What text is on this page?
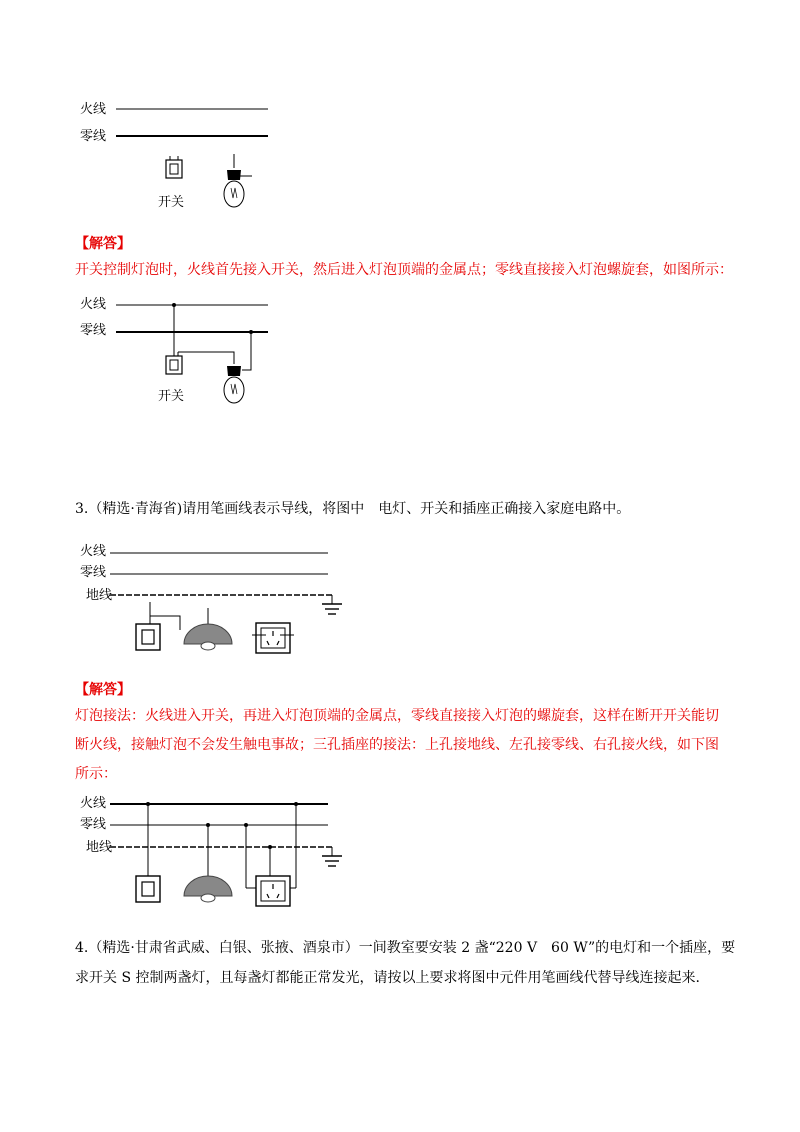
火线
零线
开关
【解答】
开关控制灯泡时，火线首先接入开关，然后进入灯泡顶端的金属点；零线直接接入灯泡螺旋套，如图所示：
火线
零线
开关
3.（精选·青海省)请用笔画线表示导线，将图中　电灯、开关和插座正确接入家庭电路中。
火线
零线
地线
【解答】
灯泡接法：火线进入开关，再进入灯泡顶端的金属点，零线直接接入灯泡的螺旋套，这样在断开开关能切
断火线，接触灯泡不会发生触电事故；三孔插座的接法：上孔接地线、左孔接零线、右孔接火线，如下图
所示：
火线
零线
地线
4.（精选·甘肃省武威、白银、张掖、酒泉市）一间教室要安装 2 盏“220 V　60 W”的电灯和一个插座，要
求开关 S 控制两盏灯，且每盏灯都能正常发光，请按以上要求将图中元件用笔画线代替导线连接起来.
